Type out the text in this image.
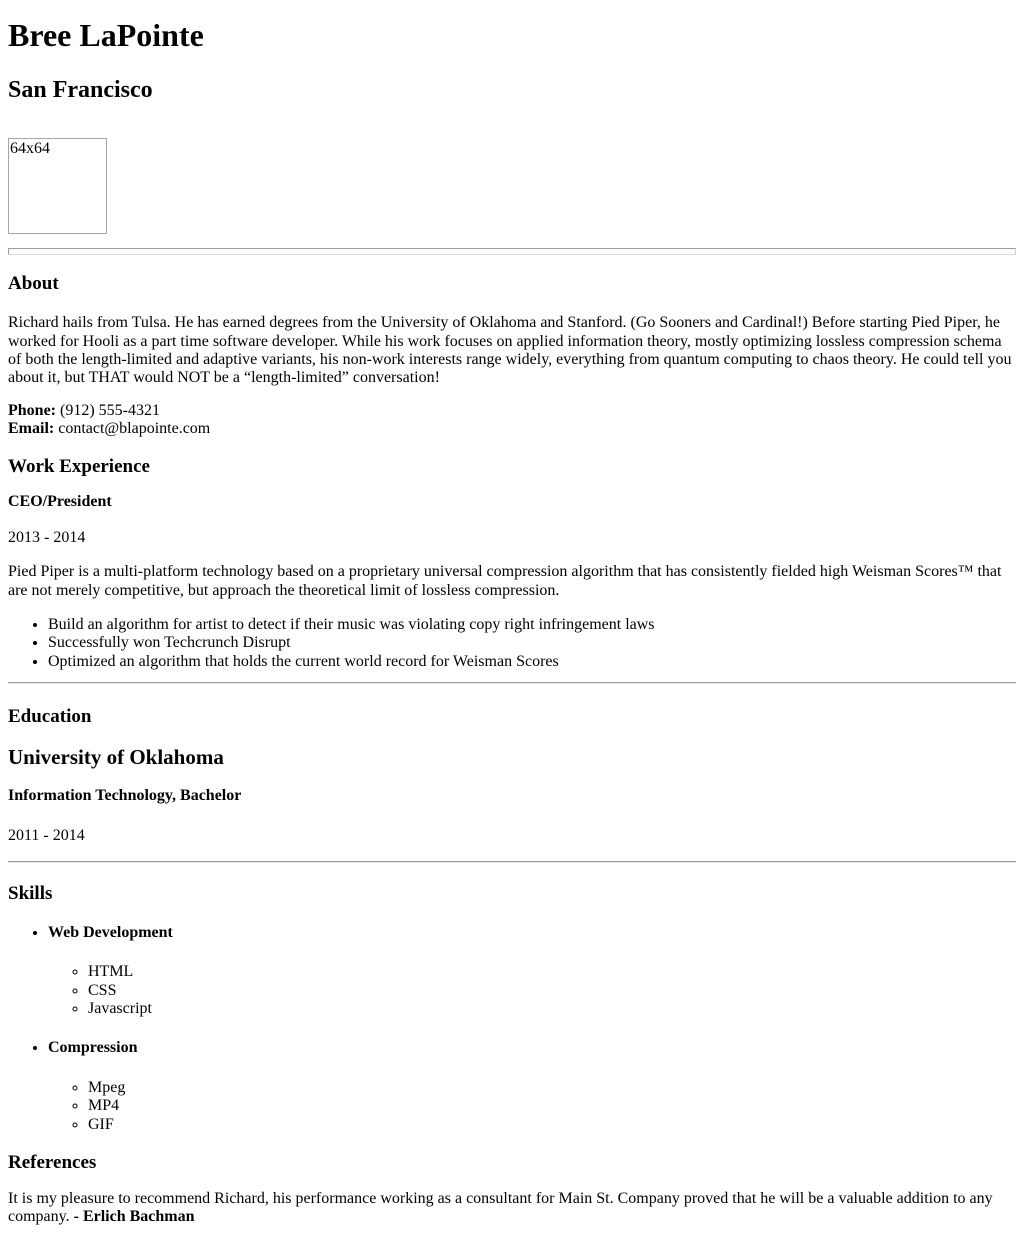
Bree LaPointe
San Francisco
64x64
About

Richard hails from Tulsa. He has earned degrees from the University of Oklahoma and Stanford. (Go Sooners and Cardinal!) Before starting Pied Piper, he worked for Hooli as a part time software developer. While his work focuses on applied information theory, mostly optimizing lossless compression schema of both the length-limited and adaptive variants, his non-work interests range widely, everything from quantum computing to chaos theory. He could tell you about it, but THAT would NOT be a “length-limited” conversation!

Phone: (912) 555-4321
Email: contact@blapointe.com

Work Experience
CEO/President

2013 - 2014

Pied Piper is a multi-platform technology based on a proprietary universal compression algorithm that has consistently fielded high Weisman Scores™ that are not merely competitive, but approach the theoretical limit of lossless compression.

• Build an algorithm for artist to detect if their music was violating copy right infringement laws
• Successfully won Techcrunch Disrupt
• Optimized an algorithm that holds the current world record for Weisman Scores
Education
University of Oklahoma
Information Technology, Bachelor

2011 - 2014

Skills
• Web Development
◦ HTML
◦ CSS
◦ Javascript
• Compression
◦ Mpeg
◦ MP4
◦ GIF
References

It is my pleasure to recommend Richard, his performance working as a consultant for Main St. Company proved that he will be a valuable addition to any company. - Erlich Bachman
